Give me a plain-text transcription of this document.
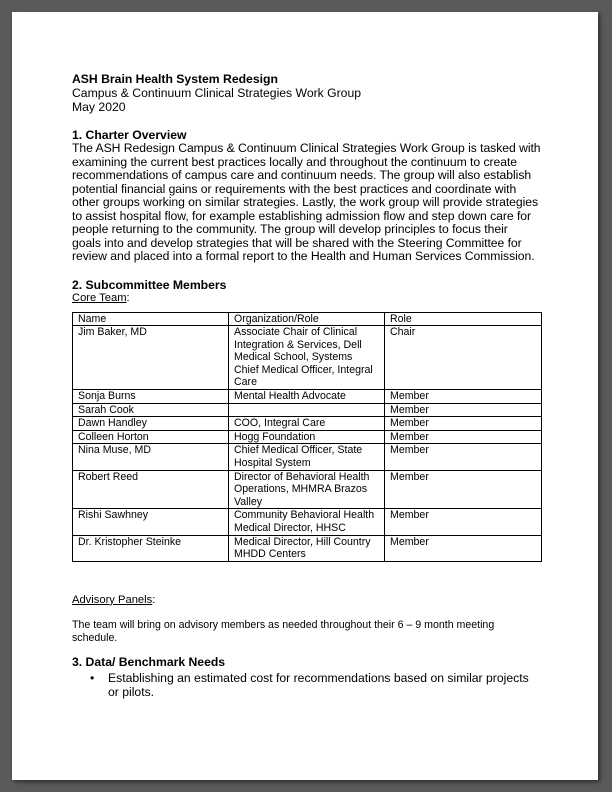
ASH Brain Health System Redesign
Campus & Continuum Clinical Strategies Work Group
May 2020
1. Charter Overview
The ASH Redesign Campus & Continuum Clinical Strategies Work Group is tasked with
examining the current best practices locally and throughout the continuum to create
recommendations of campus care and continuum needs. The group will also establish
potential financial gains or requirements with the best practices and coordinate with
other groups working on similar strategies. Lastly, the work group will provide strategies
to assist hospital flow, for example establishing admission flow and step down care for
people returning to the community. The group will develop principles to focus their
goals into and develop strategies that will be shared with the Steering Committee for
review and placed into a formal report to the Health and Human Services Commission.
2. Subcommittee Members
Core Team:
Name	Organization/Role	Role
Jim Baker, MD	Associate Chair of Clinical Integration & Services, Dell Medical School, Systems Chief Medical Officer, Integral Care	Chair
Sonja Burns	Mental Health Advocate	Member
Sarah Cook		Member
Dawn Handley	COO, Integral Care	Member
Colleen Horton	Hogg Foundation	Member
Nina Muse, MD	Chief Medical Officer, State Hospital System	Member
Robert Reed	Director of Behavioral Health Operations, MHMRA Brazos Valley	Member
Rishi Sawhney	Community Behavioral Health Medical Director, HHSC	Member
Dr. Kristopher Steinke	Medical Director, Hill Country MHDD Centers	Member
Advisory Panels:
The team will bring on advisory members as needed throughout their 6 – 9 month meeting schedule.
3. Data/ Benchmark Needs
• Establishing an estimated cost for recommendations based on similar projects or pilots.
